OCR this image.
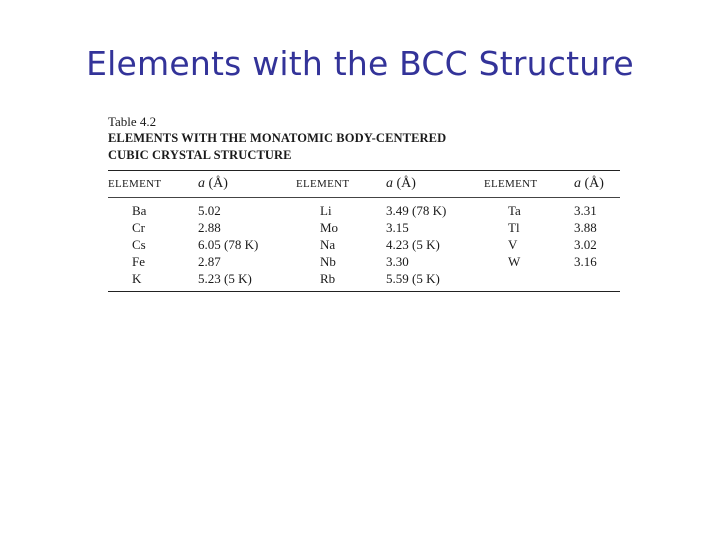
Elements with the BCC Structure
Table 4.2
ELEMENTS WITH THE MONATOMIC BODY-CENTERED
CUBIC CRYSTAL STRUCTURE
ELEMENT	a (Å)	ELEMENT	a (Å)	ELEMENT	a (Å)

Ba	5.02	Li	3.49 (78 K)	Ta	3.31
Cr	2.88	Mo	3.15	Tl	3.88
Cs	6.05 (78 K)	Na	4.23 (5 K)	V	3.02
Fe	2.87	Nb	3.30	W	3.16
K	5.23 (5 K)	Rb	5.59 (5 K)		
